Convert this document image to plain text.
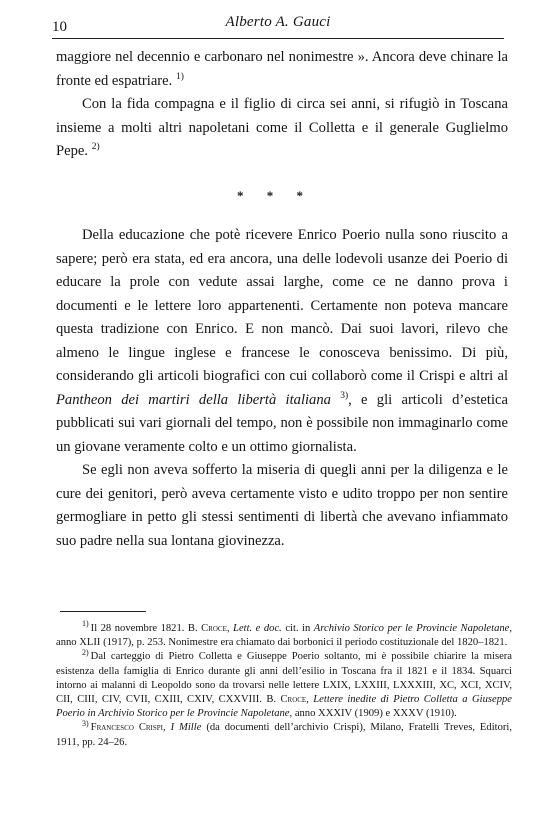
10	Alberto A. Gauci

maggiore nel decennio e carbonaro nel nonimestre ». Ancora deve chinare la fronte ed espatriare. $^{1)}$

Con la fida compagna e il figlio di circa sei anni, si rifugiò in Toscana insieme a molti altri napoletani come il Colletta e il generale Guglielmo Pepe. $^{2)}$

* * *

Della educazione che potè ricevere Enrico Poerio nulla sono riuscito a sapere; però era stata, ed era ancora, una delle lodevoli usanze dei Poerio di educare la prole con vedute assai larghe, come ce ne danno prova i documenti e le lettere loro appartenenti. Certamente non poteva mancare questa tradizione con Enrico. E non mancò. Dai suoi lavori, rilevo che almeno le lingue inglese e francese le conosceva benissimo. Di più, considerando gli articoli biografici con cui collaborò come il Crispi e altri al Pantheon dei martiri della libertà italiana $^{3)}$, e gli articoli d’estetica pubblicati sui vari giornali del tempo, non è possibile non immaginarlo come un giovane veramente colto e un ottimo giornalista.

Se egli non aveva sofferto la miseria di quegli anni per la diligenza e le cure dei genitori, però aveva certamente visto e udito troppo per non sentire germogliare in petto gli stessi sentimenti di libertà che avevano infiammato suo padre nella sua lontana giovinezza.

$^{1)}$ Il 28 novembre 1821. B. Croce, Lett. e doc. cit. in Archivio Storico per le Provincie Napoletane, anno XLII (1917), p. 253. Nonimestre era chiamato dai borbonici il periodo costituzionale del 1820–1821.

$^{2)}$ Dal carteggio di Pietro Colletta e Giuseppe Poerio soltanto, mi è possibile chiarire la misera esistenza della famiglia di Enrico durante gli anni dell’esilio in Toscana fra il 1821 e il 1834. Squarci intorno ai malanni di Leopoldo sono da trovarsi nelle lettere LXIX, LXXIII, LXXXIII, XC, XCI, XCIV, CII, CIII, CIV, CVII, CXIII, CXIV, CXXVIII. B. Croce, Lettere inedite di Pietro Colletta a Giuseppe Poerio in Archivio Storico per le Provincie Napoletane, anno XXXIV (1909) e XXXV (1910).

$^{3)}$ Francesco Crispi, I Mille (da documenti dell’archivio Crispi), Milano, Fratelli Treves, Editori, 1911, pp. 24–26.
